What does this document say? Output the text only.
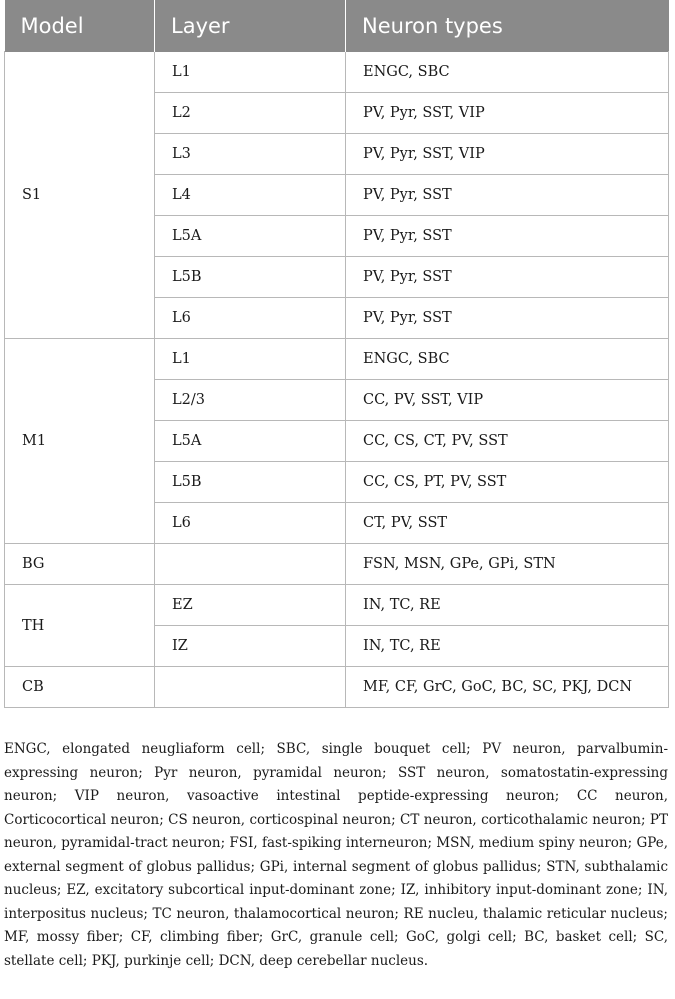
Model	Layer	Neuron types
S1	L1	ENGC, SBC
	L2	PV, Pyr, SST, VIP
	L3	PV, Pyr, SST, VIP
	L4	PV, Pyr, SST
	L5A	PV, Pyr, SST
	L5B	PV, Pyr, SST
	L6	PV, Pyr, SST
M1	L1	ENGC, SBC
	L2/3	CC, PV, SST, VIP
	L5A	CC, CS, CT, PV, SST
	L5B	CC, CS, PT, PV, SST
	L6	CT, PV, SST
BG		FSN, MSN, GPe, GPi, STN
TH	EZ	IN, TC, RE
	IZ	IN, TC, RE
CB		MF, CF, GrC, GoC, BC, SC, PKJ, DCN

ENGC, elongated neugliaform cell; SBC, single bouquet cell; PV neuron, parvalbumin-expressing neuron; Pyr neuron, pyramidal neuron; SST neuron, somatostatin-expressing neuron; VIP neuron, vasoactive intestinal peptide-expressing neuron; CC neuron, Corticocortical neuron; CS neuron, corticospinal neuron; CT neuron, corticothalamic neuron; PT neuron, pyramidal-tract neuron; FSI, fast-spiking interneuron; MSN, medium spiny neuron; GPe, external segment of globus pallidus; GPi, internal segment of globus pallidus; STN, subthalamic nucleus; EZ, excitatory subcortical input-dominant zone; IZ, inhibitory input-dominant zone; IN, interpositus nucleus; TC neuron, thalamocortical neuron; RE nucleu, thalamic reticular nucleus; MF, mossy fiber; CF, climbing fiber; GrC, granule cell; GoC, golgi cell; BC, basket cell; SC, stellate cell; PKJ, purkinje cell; DCN, deep cerebellar nucleus.
